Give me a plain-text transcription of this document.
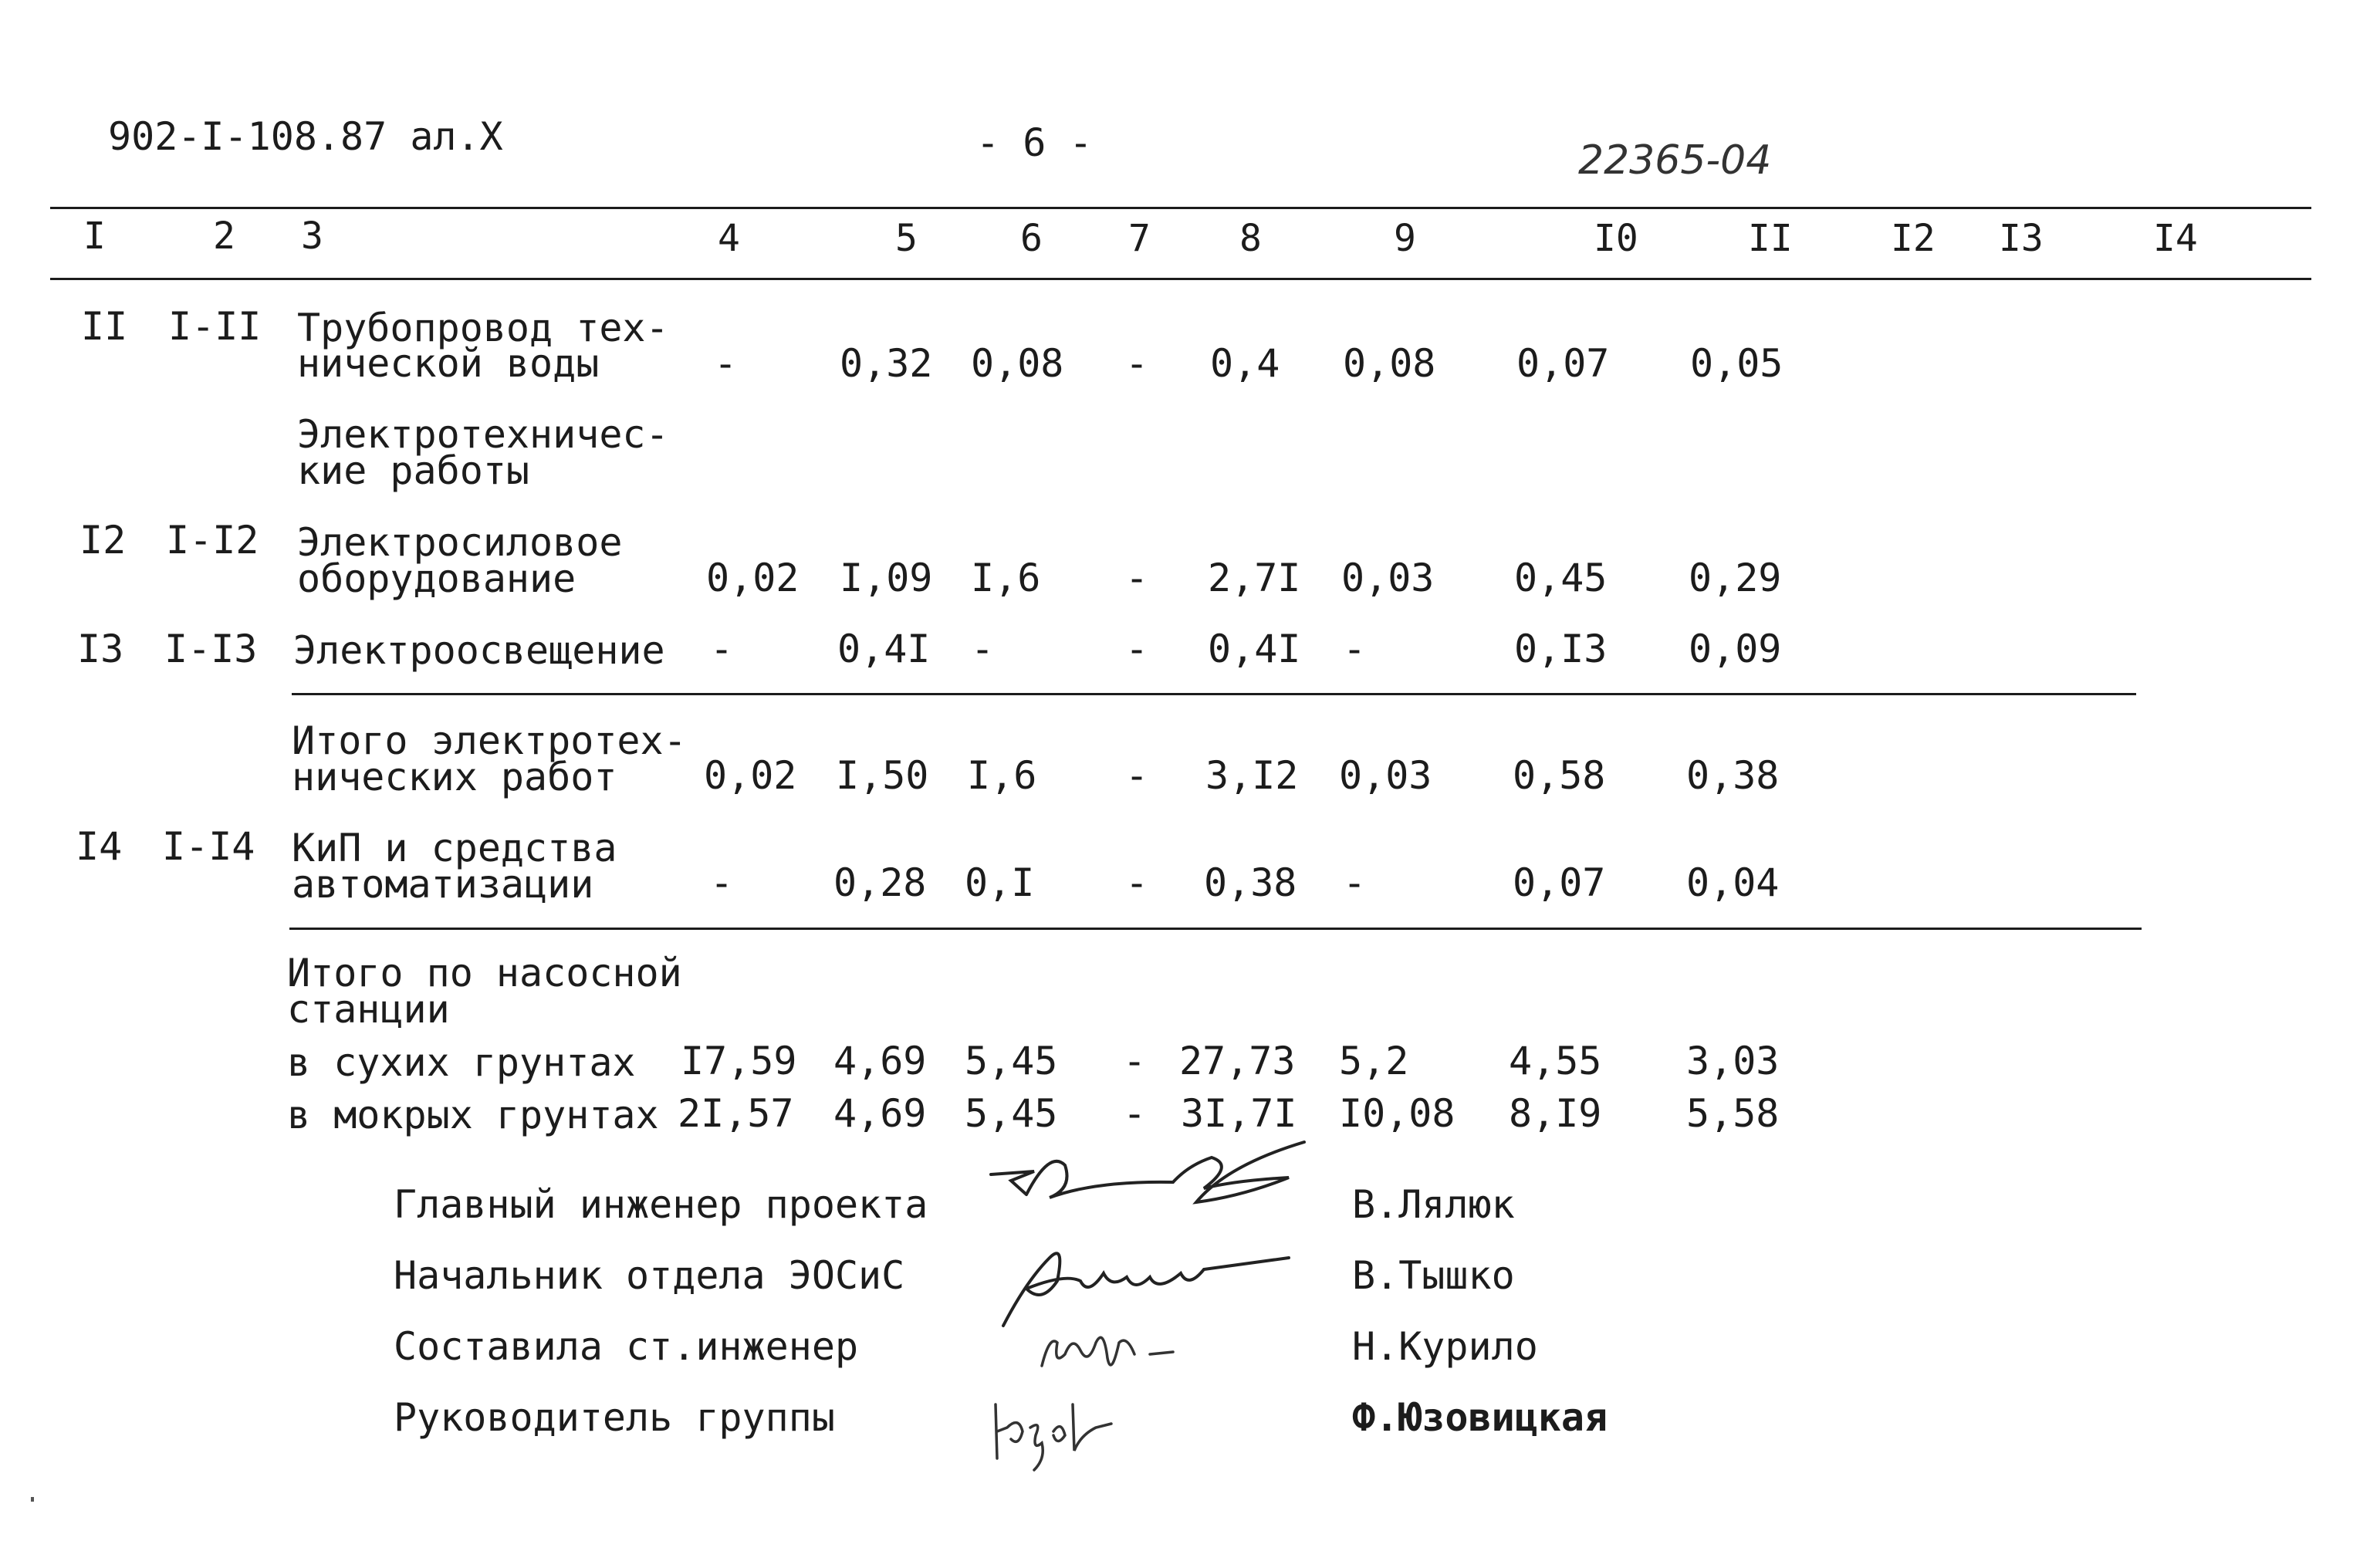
902-I-108.87 ал.X	- 6 -	22365-04
I	2 3	4	5	6 7 8	9	I0	II	I2 I3	I4
II I-II Трубопровод тех-
нической воды	-	0,32 0,08 - 0,4 0,08 0,07 0,05
Электротехничес-
кие работы
I2 I-I2 Электросиловое
оборудование	0,02 I,09 I,6 - 2,7I 0,03 0,45 0,29
I3 I-I3 Электроосвещение -	0,4I -	- 0,4I -	0,I3 0,09
Итого электротех-
нических работ 0,02 I,50 I,6 - 3,I2 0,03 0,58 0,38
I4 I-I4 КиП и средства
автоматизации	-	0,28 0,I - 0,38 -	0,07 0,04
Итого по насосной
станции
в сухих грунтах I7,59 4,69 5,45 - 27,73 5,2	4,55 3,03
в мокрых грунтах 2I,57 4,69 5,45 - 3I,7I I0,08 8,I9 5,58
Главный инженер проекта	В.Лялюк
Начальник отдела ЭОСиС	В.Тышко
Составила ст.инженер	Н.Курило
Руководитель группы	Ф.Юзовицкая
